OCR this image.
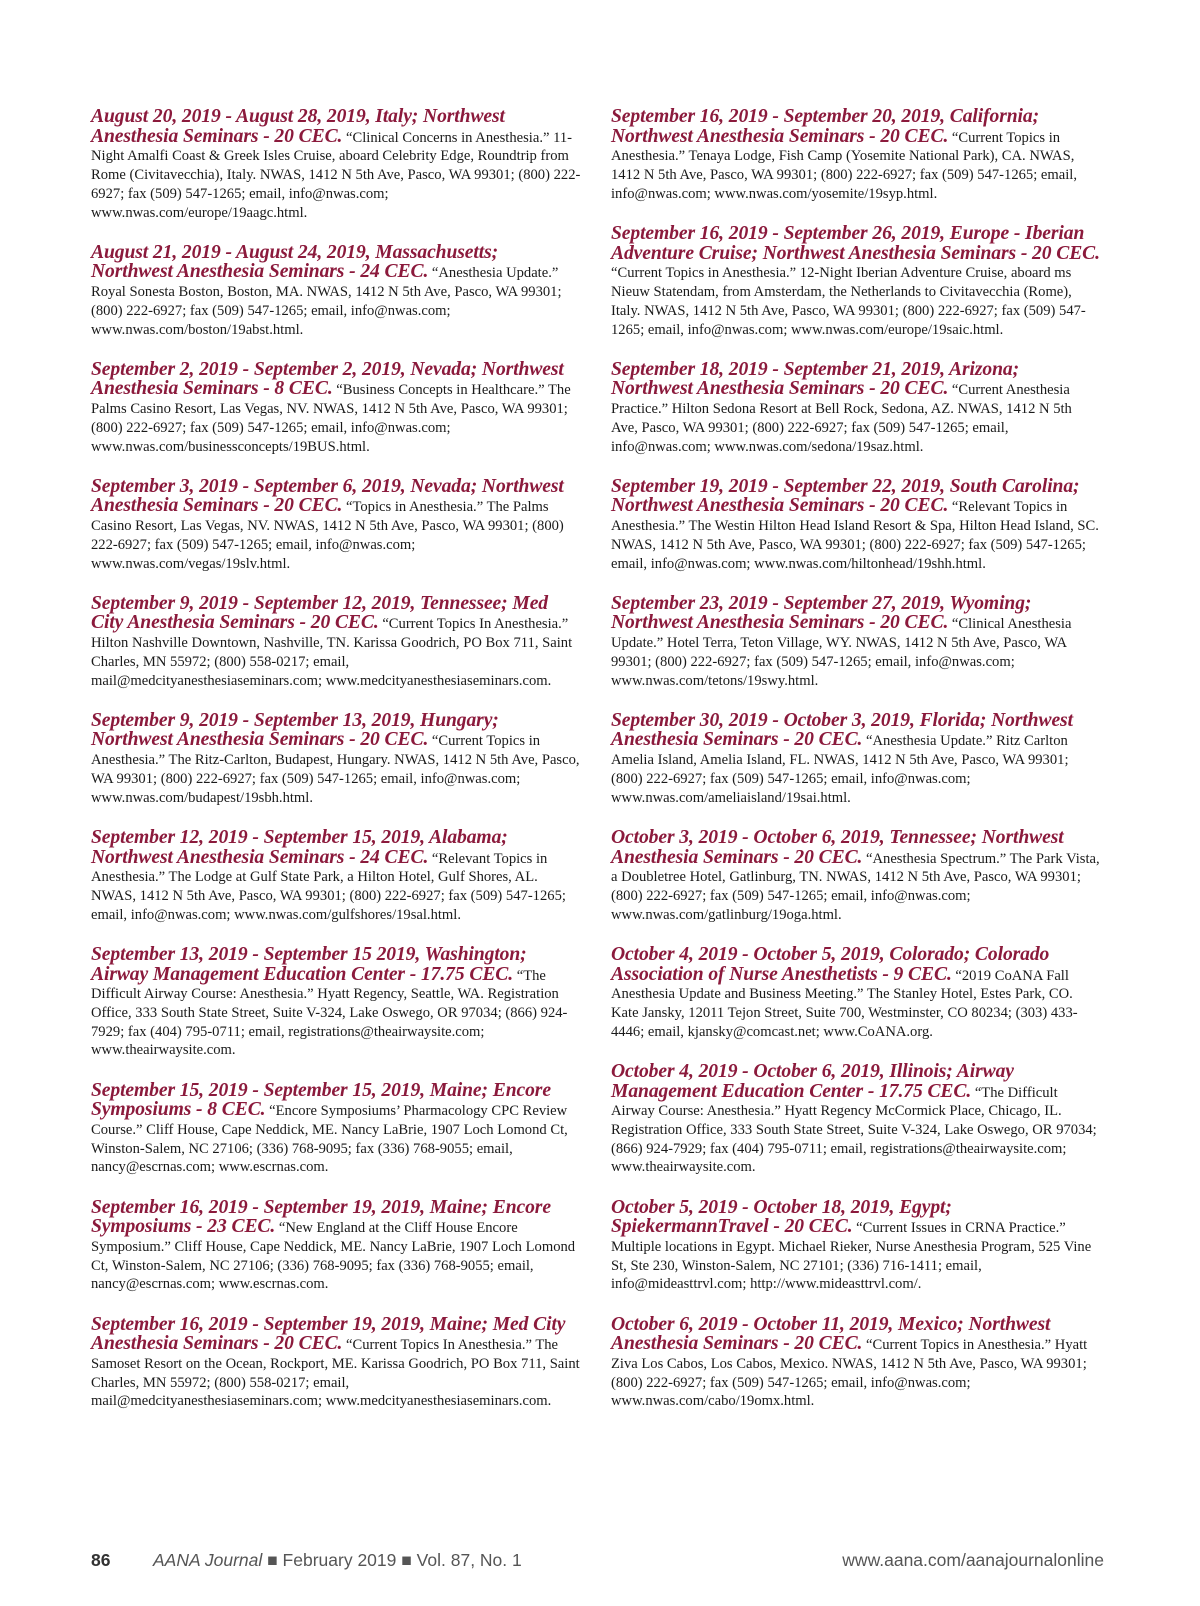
August 20, 2019 - August 28, 2019, Italy; Northwest Anesthesia Seminars - 20 CEC. “Clinical Concerns in Anesthesia.” 11-Night Amalfi Coast & Greek Isles Cruise, aboard Celebrity Edge, Roundtrip from Rome (Civitavecchia), Italy. NWAS, 1412 N 5th Ave, Pasco, WA 99301; (800) 222-6927; fax (509) 547-1265; email, info@nwas.com; www.nwas.com/europe/19aagc.html.

August 21, 2019 - August 24, 2019, Massachusetts; Northwest Anesthesia Seminars - 24 CEC. “Anesthesia Update.” Royal Sonesta Boston, Boston, MA. NWAS, 1412 N 5th Ave, Pasco, WA 99301; (800) 222-6927; fax (509) 547-1265; email, info@nwas.com; www.nwas.com/boston/19abst.html.

September 2, 2019 - September 2, 2019, Nevada; Northwest Anesthesia Seminars - 8 CEC. “Business Concepts in Healthcare.” The Palms Casino Resort, Las Vegas, NV. NWAS, 1412 N 5th Ave, Pasco, WA 99301; (800) 222-6927; fax (509) 547-1265; email, info@nwas.com; www.nwas.com/businessconcepts/19BUS.html.

September 3, 2019 - September 6, 2019, Nevada; Northwest Anesthesia Seminars - 20 CEC. “Topics in Anesthesia.” The Palms Casino Resort, Las Vegas, NV. NWAS, 1412 N 5th Ave, Pasco, WA 99301; (800) 222-6927; fax (509) 547-1265; email, info@nwas.com; www.nwas.com/vegas/19slv.html.

September 9, 2019 - September 12, 2019, Tennessee; Med City Anesthesia Seminars - 20 CEC. “Current Topics In Anesthesia.” Hilton Nashville Downtown, Nashville, TN. Karissa Goodrich, PO Box 711, Saint Charles, MN 55972; (800) 558-0217; email, mail@medcityanesthesiaseminars.com; www.medcityanesthesiaseminars.com.

September 9, 2019 - September 13, 2019, Hungary; Northwest Anesthesia Seminars - 20 CEC. “Current Topics in Anesthesia.” The Ritz-Carlton, Budapest, Hungary. NWAS, 1412 N 5th Ave, Pasco, WA 99301; (800) 222-6927; fax (509) 547-1265; email, info@nwas.com; www.nwas.com/budapest/19sbh.html.

September 12, 2019 - September 15, 2019, Alabama; Northwest Anesthesia Seminars - 24 CEC. “Relevant Topics in Anesthesia.” The Lodge at Gulf State Park, a Hilton Hotel, Gulf Shores, AL. NWAS, 1412 N 5th Ave, Pasco, WA 99301; (800) 222-6927; fax (509) 547-1265; email, info@nwas.com; www.nwas.com/gulfshores/19sal.html.

September 13, 2019 - September 15 2019, Washington; Airway Management Education Center - 17.75 CEC. “The Difficult Airway Course: Anesthesia.” Hyatt Regency, Seattle, WA. Registration Office, 333 South State Street, Suite V-324, Lake Oswego, OR 97034; (866) 924-7929; fax (404) 795-0711; email, registrations@theairwaysite.com; www.theairwaysite.com.

September 15, 2019 - September 15, 2019, Maine; Encore Symposiums - 8 CEC. “Encore Symposiums’ Pharmacology CPC Review Course.” Cliff House, Cape Neddick, ME. Nancy LaBrie, 1907 Loch Lomond Ct, Winston-Salem, NC 27106; (336) 768-9095; fax (336) 768-9055; email, nancy@escrnas.com; www.escrnas.com.

September 16, 2019 - September 19, 2019, Maine; Encore Symposiums - 23 CEC. “New England at the Cliff House Encore Symposium.” Cliff House, Cape Neddick, ME. Nancy LaBrie, 1907 Loch Lomond Ct, Winston-Salem, NC 27106; (336) 768-9095; fax (336) 768-9055; email, nancy@escrnas.com; www.escrnas.com.

September 16, 2019 - September 19, 2019, Maine; Med City Anesthesia Seminars - 20 CEC. “Current Topics In Anesthesia.” The Samoset Resort on the Ocean, Rockport, ME. Karissa Goodrich, PO Box 711, Saint Charles, MN 55972; (800) 558-0217; email, mail@medcityanesthesiaseminars.com; www.medcityanesthesiaseminars.com.

September 16, 2019 - September 20, 2019, California; Northwest Anesthesia Seminars - 20 CEC. “Current Topics in Anesthesia.” Tenaya Lodge, Fish Camp (Yosemite National Park), CA. NWAS, 1412 N 5th Ave, Pasco, WA 99301; (800) 222-6927; fax (509) 547-1265; email, info@nwas.com; www.nwas.com/yosemite/19syp.html.

September 16, 2019 - September 26, 2019, Europe - Iberian Adventure Cruise; Northwest Anesthesia Seminars - 20 CEC. “Current Topics in Anesthesia.” 12-Night Iberian Adventure Cruise, aboard ms Nieuw Statendam, from Amsterdam, the Netherlands to Civitavecchia (Rome), Italy. NWAS, 1412 N 5th Ave, Pasco, WA 99301; (800) 222-6927; fax (509) 547-1265; email, info@nwas.com; www.nwas.com/europe/19saic.html.

September 18, 2019 - September 21, 2019, Arizona; Northwest Anesthesia Seminars - 20 CEC. “Current Anesthesia Practice.” Hilton Sedona Resort at Bell Rock, Sedona, AZ. NWAS, 1412 N 5th Ave, Pasco, WA 99301; (800) 222-6927; fax (509) 547-1265; email, info@nwas.com; www.nwas.com/sedona/19saz.html.

September 19, 2019 - September 22, 2019, South Carolina; Northwest Anesthesia Seminars - 20 CEC. “Relevant Topics in Anesthesia.” The Westin Hilton Head Island Resort & Spa, Hilton Head Island, SC. NWAS, 1412 N 5th Ave, Pasco, WA 99301; (800) 222-6927; fax (509) 547-1265; email, info@nwas.com; www.nwas.com/hiltonhead/19shh.html.

September 23, 2019 - September 27, 2019, Wyoming; Northwest Anesthesia Seminars - 20 CEC. “Clinical Anesthesia Update.” Hotel Terra, Teton Village, WY. NWAS, 1412 N 5th Ave, Pasco, WA 99301; (800) 222-6927; fax (509) 547-1265; email, info@nwas.com; www.nwas.com/tetons/19swy.html.

September 30, 2019 - October 3, 2019, Florida; Northwest Anesthesia Seminars - 20 CEC. “Anesthesia Update.” Ritz Carlton Amelia Island, Amelia Island, FL. NWAS, 1412 N 5th Ave, Pasco, WA 99301; (800) 222-6927; fax (509) 547-1265; email, info@nwas.com; www.nwas.com/ameliaisland/19sai.html.

October 3, 2019 - October 6, 2019, Tennessee; Northwest Anesthesia Seminars - 20 CEC. “Anesthesia Spectrum.” The Park Vista, a Doubletree Hotel, Gatlinburg, TN. NWAS, 1412 N 5th Ave, Pasco, WA 99301; (800) 222-6927; fax (509) 547-1265; email, info@nwas.com; www.nwas.com/gatlinburg/19oga.html.

October 4, 2019 - October 5, 2019, Colorado; Colorado Association of Nurse Anesthetists - 9 CEC. “2019 CoANA Fall Anesthesia Update and Business Meeting.” The Stanley Hotel, Estes Park, CO. Kate Jansky, 12011 Tejon Street, Suite 700, Westminster, CO 80234; (303) 433-4446; email, kjansky@comcast.net; www.CoANA.org.

October 4, 2019 - October 6, 2019, Illinois; Airway Management Education Center - 17.75 CEC. “The Difficult Airway Course: Anesthesia.” Hyatt Regency McCormick Place, Chicago, IL. Registration Office, 333 South State Street, Suite V-324, Lake Oswego, OR 97034; (866) 924-7929; fax (404) 795-0711; email, registrations@theairwaysite.com; www.theairwaysite.com.

October 5, 2019 - October 18, 2019, Egypt; SpiekermannTravel - 20 CEC. “Current Issues in CRNA Practice.” Multiple locations in Egypt. Michael Rieker, Nurse Anesthesia Program, 525 Vine St, Ste 230, Winston-Salem, NC 27101; (336) 716-1411; email, info@mideasttrvl.com; http://www.mideasttrvl.com/.

October 6, 2019 - October 11, 2019, Mexico; Northwest Anesthesia Seminars - 20 CEC. “Current Topics in Anesthesia.” Hyatt Ziva Los Cabos, Los Cabos, Mexico. NWAS, 1412 N 5th Ave, Pasco, WA 99301; (800) 222-6927; fax (509) 547-1265; email, info@nwas.com; www.nwas.com/cabo/19omx.html.

86 AANA Journal ■ February 2019 ■ Vol. 87, No. 1	www.aana.com/aanajournalonline
